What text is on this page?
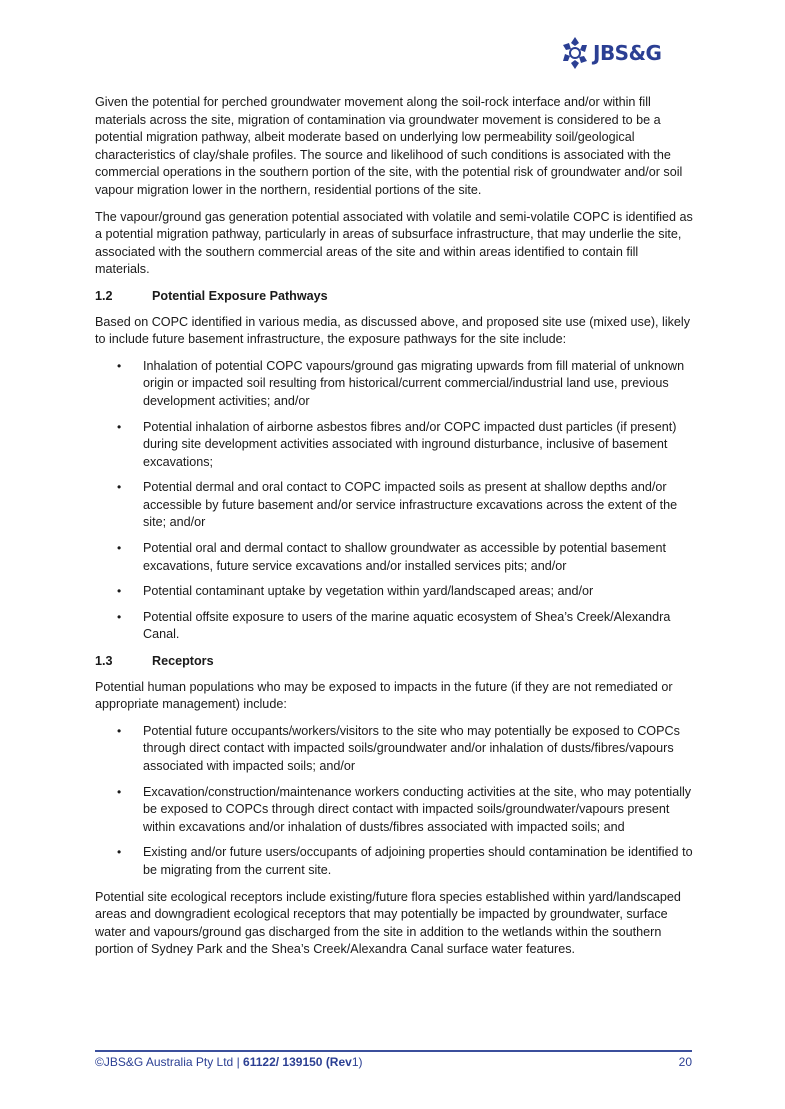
JBS&G

Given the potential for perched groundwater movement along the soil-rock interface and/or within fill materials across the site, migration of contamination via groundwater movement is considered to be a potential migration pathway, albeit moderate based on underlying low permeability soil/geological characteristics of clay/shale profiles. The source and likelihood of such conditions is associated with the commercial operations in the southern portion of the site, with the potential risk of groundwater and/or soil vapour migration lower in the northern, residential portions of the site.

The vapour/ground gas generation potential associated with volatile and semi-volatile COPC is identified as a potential migration pathway, particularly in areas of subsurface infrastructure, that may underlie the site, associated with the southern commercial areas of the site and within areas identified to contain fill materials.

1.2	Potential Exposure Pathways

Based on COPC identified in various media, as discussed above, and proposed site use (mixed use), likely to include future basement infrastructure, the exposure pathways for the site include:

• Inhalation of potential COPC vapours/ground gas migrating upwards from fill material of unknown origin or impacted soil resulting from historical/current commercial/industrial land use, previous development activities; and/or
• Potential inhalation of airborne asbestos fibres and/or COPC impacted dust particles (if present) during site development activities associated with inground disturbance, inclusive of basement excavations;
• Potential dermal and oral contact to COPC impacted soils as present at shallow depths and/or accessible by future basement and/or service infrastructure excavations across the extent of the site; and/or
• Potential oral and dermal contact to shallow groundwater as accessible by potential basement excavations, future service excavations and/or installed services pits; and/or
• Potential contaminant uptake by vegetation within yard/landscaped areas; and/or
• Potential offsite exposure to users of the marine aquatic ecosystem of Shea’s Creek/Alexandra Canal.
1.3	Receptors

Potential human populations who may be exposed to impacts in the future (if they are not remediated or appropriate management) include:

• Potential future occupants/workers/visitors to the site who may potentially be exposed to COPCs through direct contact with impacted soils/groundwater and/or inhalation of dusts/fibres/vapours associated with impacted soils; and/or
• Excavation/construction/maintenance workers conducting activities at the site, who may potentially be exposed to COPCs through direct contact with impacted soils/groundwater/vapours present within excavations and/or inhalation of dusts/fibres associated with impacted soils; and
• Existing and/or future users/occupants of adjoining properties should contamination be identified to be migrating from the current site.

Potential site ecological receptors include existing/future flora species established within yard/landscaped areas and downgradient ecological receptors that may potentially be impacted by groundwater, surface water and vapours/ground gas discharged from the site in addition to the wetlands within the southern portion of Sydney Park and the Shea’s Creek/Alexandra Canal surface water features.

©JBS&G Australia Pty Ltd | 61122/ 139150 (Rev1)	20
